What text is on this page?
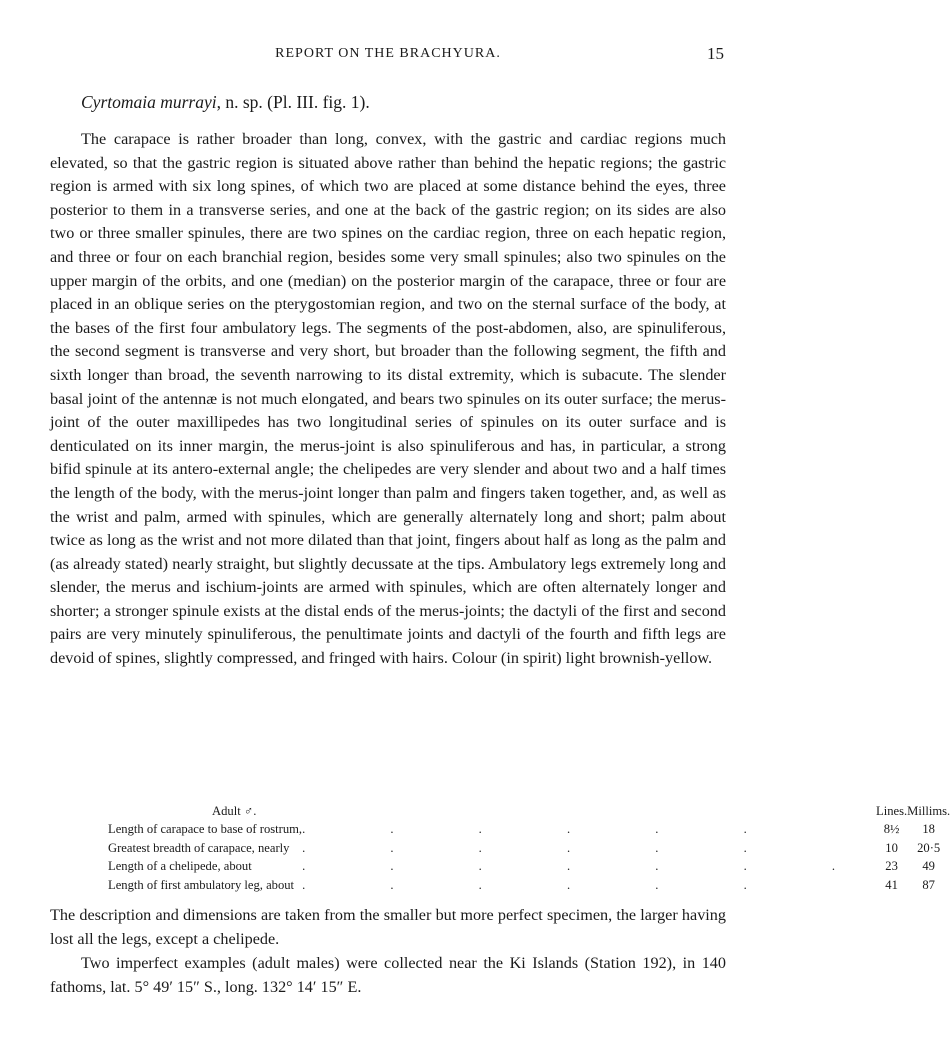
REPORT ON THE BRACHYURA.	15
Cyrtomaia murrayi, n. sp. (Pl. III. fig. 1).

The carapace is rather broader than long, convex, with the gastric and cardiac regions much elevated, so that the gastric region is situated above rather than behind the hepatic regions; the gastric region is armed with six long spines, of which two are placed at some distance behind the eyes, three posterior to them in a transverse series, and one at the back of the gastric region; on its sides are also two or three smaller spinules, there are two spines on the cardiac region, three on each hepatic region, and three or four on each branchial region, besides some very small spinules; also two spinules on the upper margin of the orbits, and one (median) on the posterior margin of the carapace, three or four are placed in an oblique series on the pterygostomian region, and two on the sternal surface of the body, at the bases of the first four ambulatory legs. The segments of the post-abdomen, also, are spinuliferous, the second segment is transverse and very short, but broader than the following segment, the fifth and sixth longer than broad, the seventh narrowing to its distal extremity, which is subacute. The slender basal joint of the antennæ is not much elongated, and bears two spinules on its outer surface; the merus-joint of the outer maxillipedes has two longitudinal series of spinules on its outer surface and is denticulated on its inner margin, the merus-joint is also spinuliferous and has, in particular, a strong bifid spinule at its antero-external angle; the chelipedes are very slender and about two and a half times the length of the body, with the merus-joint longer than palm and fingers taken together, and, as well as the wrist and palm, armed with spinules, which are generally alternately long and short; palm about twice as long as the wrist and not more dilated than that joint, fingers about half as long as the palm and (as already stated) nearly straight, but slightly decussate at the tips. Ambulatory legs extremely long and slender, the merus and ischium-joints are armed with spinules, which are often alternately longer and shorter; a stronger spinule exists at the distal ends of the merus-joints; the dactyli of the first and second pairs are very minutely spinuliferous, the penultimate joints and dactyli of the fourth and fifth legs are devoid of spines, slightly compressed, and fringed with hairs. Colour (in spirit) light brownish-yellow.

Adult ♂.		Lines.	Millims.
Length of carapace to base of rostrum,	. . . . . .	8½	18
Greatest breadth of carapace, nearly	. . . . . .	10	20·5
Length of a chelipede, about	. . . . . . .	23	49
Length of first ambulatory leg, about	. . . . . .	41	87

The description and dimensions are taken from the smaller but more perfect specimen, the larger having lost all the legs, except a chelipede.

Two imperfect examples (adult males) were collected near the Ki Islands (Station 192), in 140 fathoms, lat. 5° 49′ 15″ S., long. 132° 14′ 15″ E.
